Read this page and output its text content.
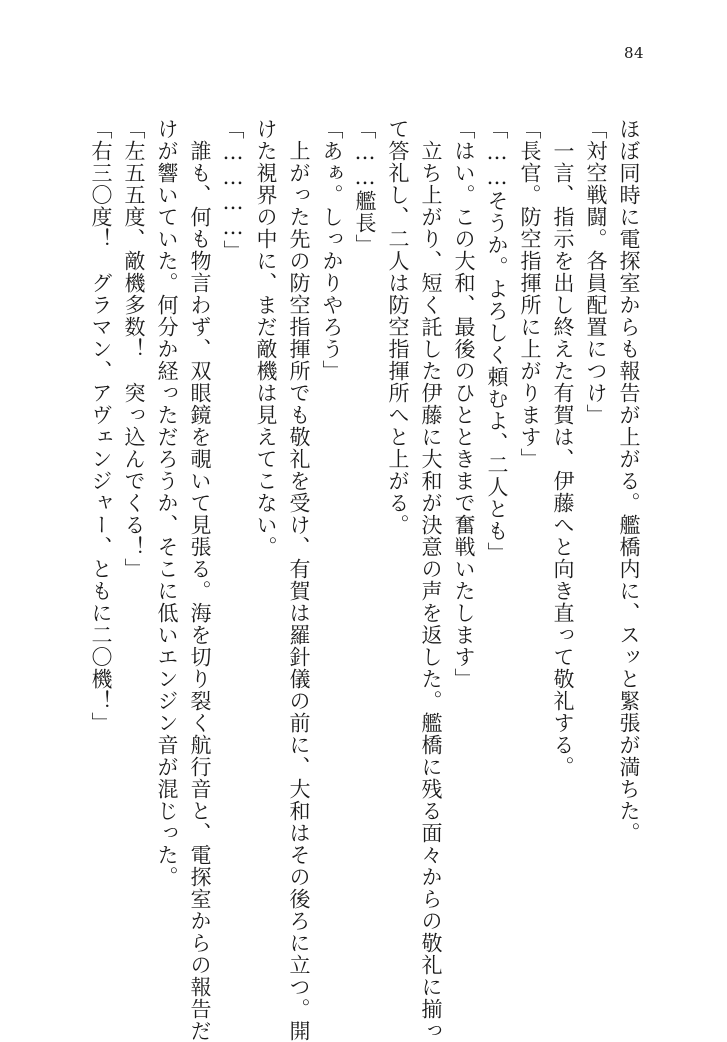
84

ほぼ同時に電探室からも報告が上がる。艦橋内に、スッと緊張が満ちた。

「対空戦闘。各員配置につけ」

　一言、指示を出し終えた有賀は、伊藤へと向き直って敬礼する。

「長官。防空指揮所に上がります」

「……そうか。よろしく頼むよ、二人とも」

「はい。この大和、最後のひとときまで奮戦いたします」

　立ち上がり、短く託した伊藤に大和が決意の声を返した。艦橋に残る面々からの敬礼に揃っ

て答礼し、二人は防空指揮所へと上がる。

「……艦長」

「あぁ。しっかりやろう」

　上がった先の防空指揮所でも敬礼を受け、有賀は羅針儀の前に、大和はその後ろに立つ。開

けた視界の中に、まだ敵機は見えてこない。

「…………」

　誰も、何も物言わず、双眼鏡を覗いて見張る。海を切り裂く航行音と、電探室からの報告だ

けが響いていた。何分か経っただろうか、そこに低いエンジン音が混じった。

「左五五度、敵機多数！　突っ込んでくる！」

「右三〇度！　グラマン、アヴェンジャー、ともに二〇機！」
